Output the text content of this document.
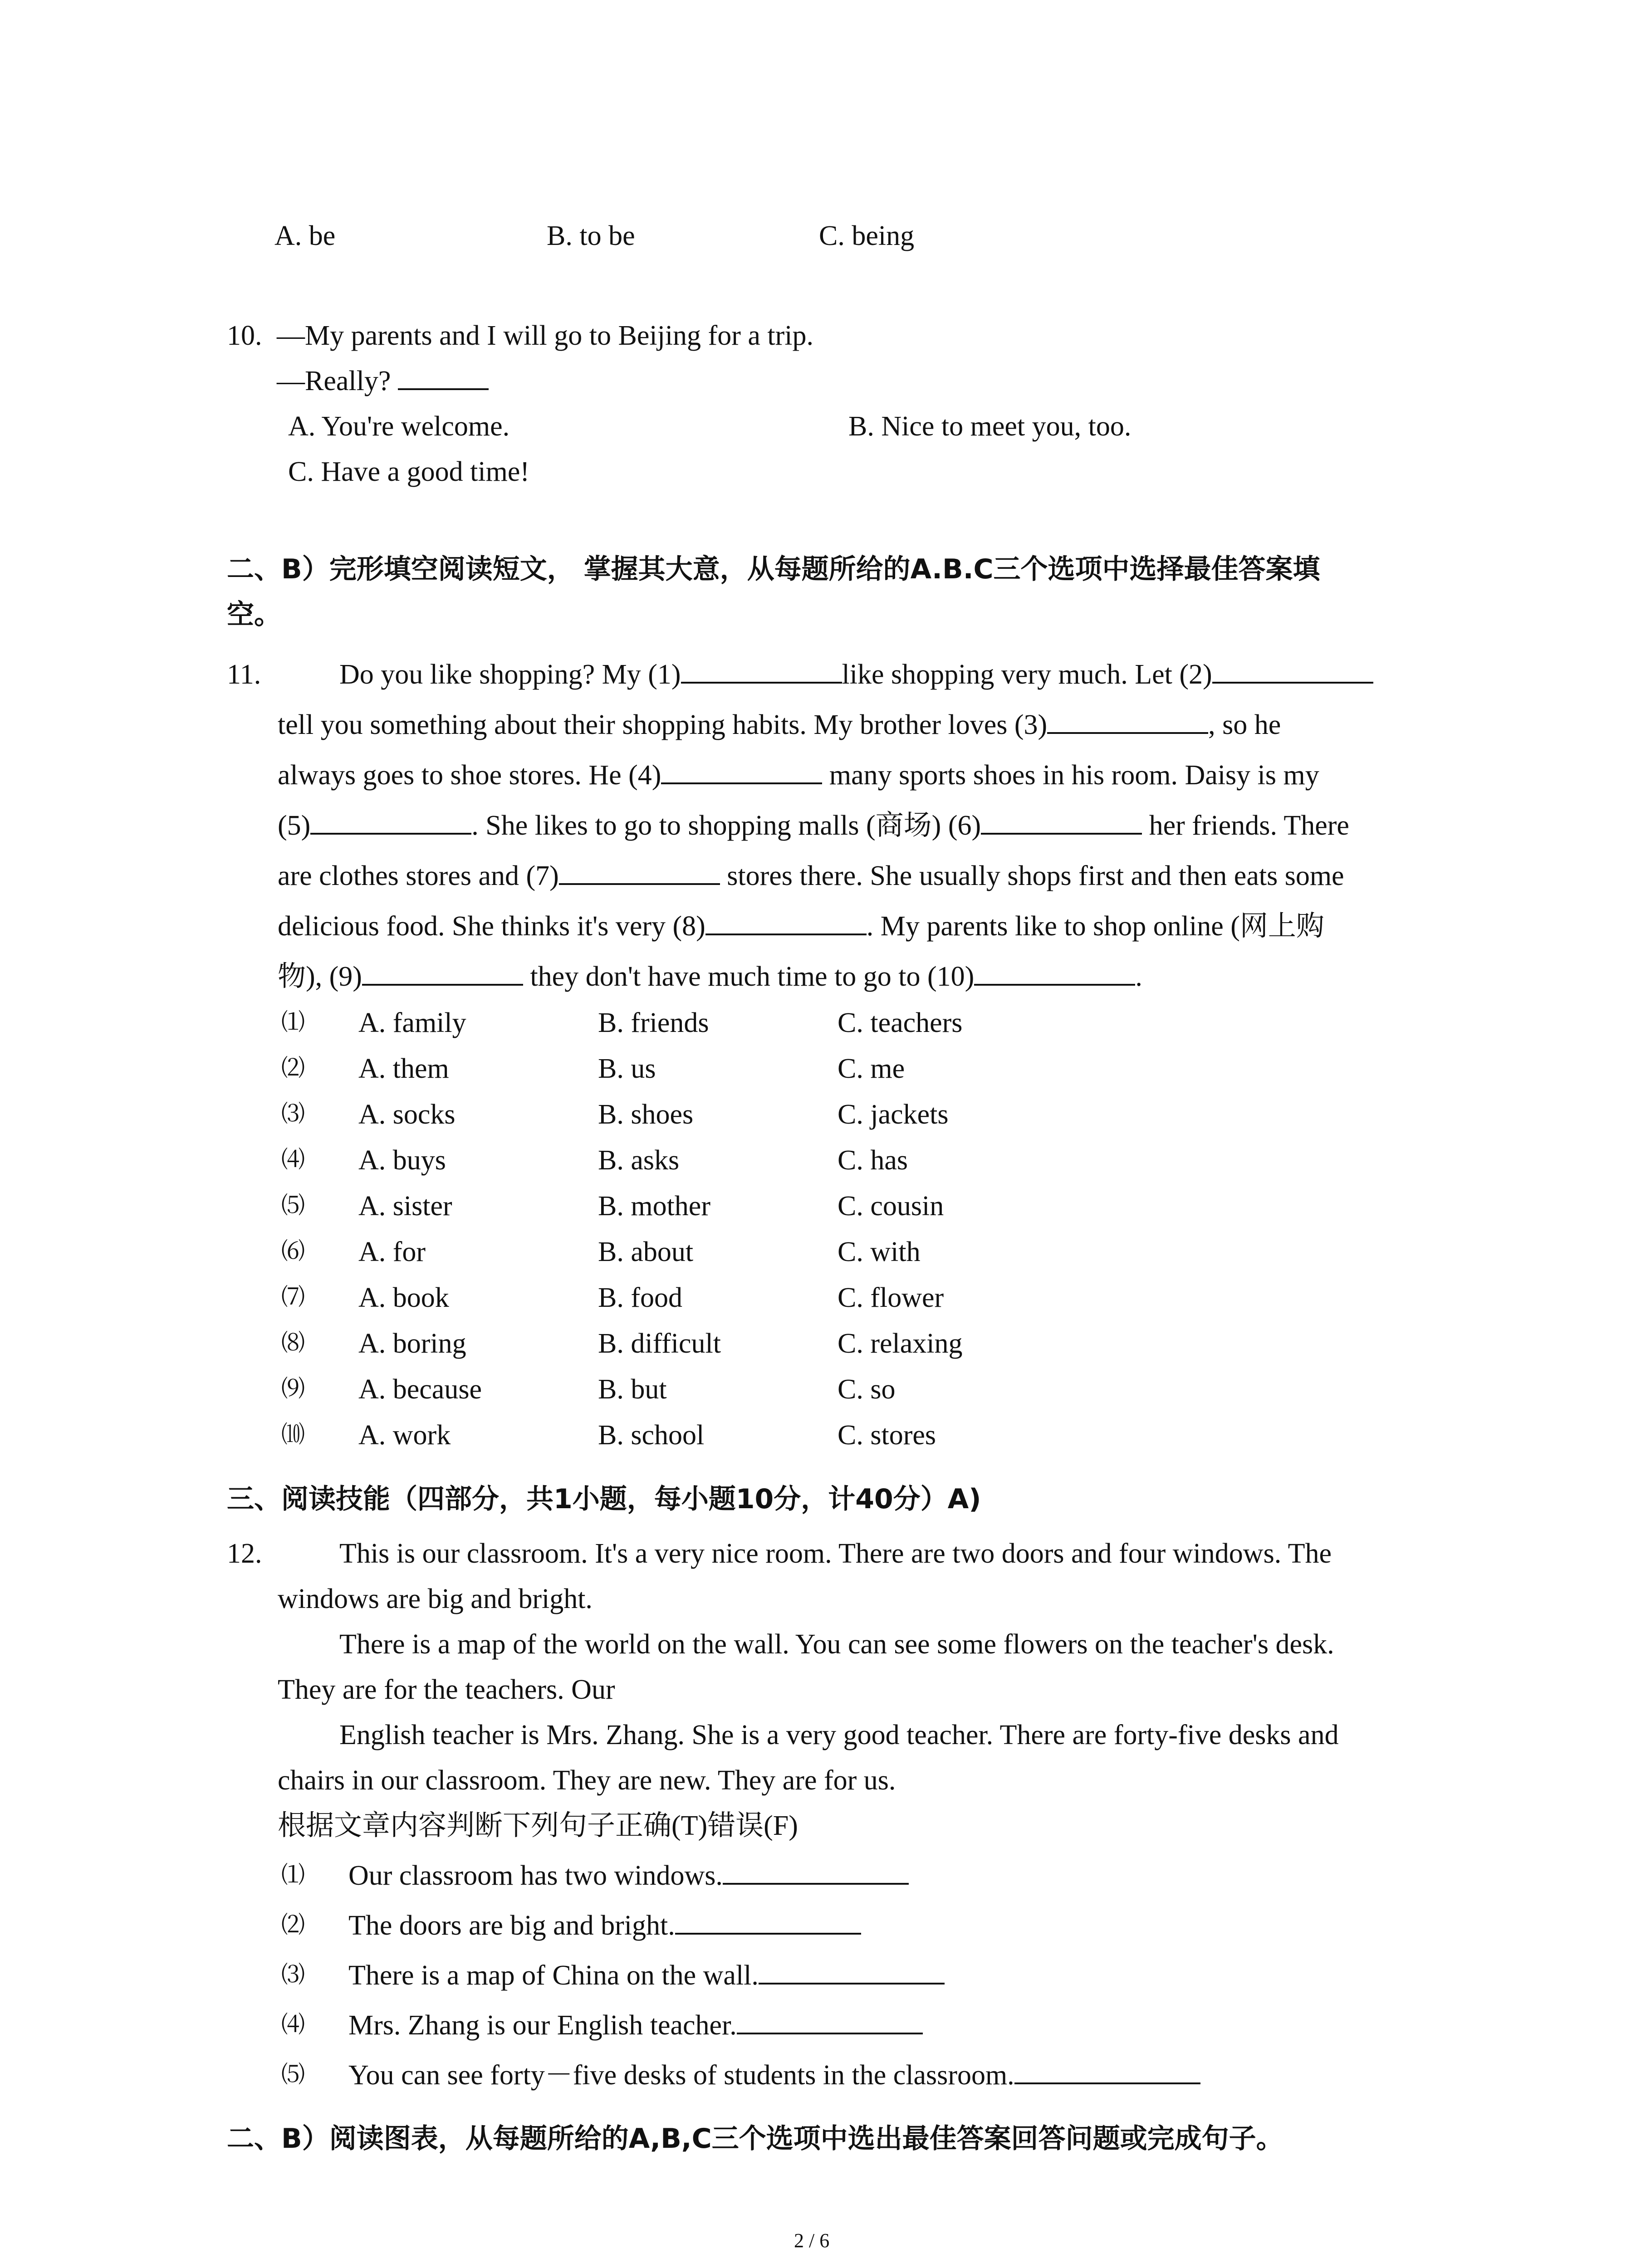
A. be	B. to be	C. being
10. —My parents and I will go to Beijing for a trip.
—Really?
A. You're welcome.	B. Nice to meet you, too.
C. Have a good time!
二、B）完形填空阅读短文， 掌握其大意，从每题所给的A.B.C三个选项中选择最佳答案填
空。
11.	Do you like shopping? My (1)	like shopping very much. Let (2)
tell you something about their shopping habits. My brother loves (3)	, so he
always goes to shoe stores. He (4)	many sports shoes in his room. Daisy is my
(5)	. She likes to go to shopping malls (商场) (6)	her friends. There
are clothes stores and (7)	stores there. She usually shops first and then eats some
delicious food. She thinks it's very (8)	. My parents like to shop online (网上购
物), (9)	they don't have much time to go to (10)	.
⑴ A. family	B. friends	C. teachers
⑵ A. them	B. us	C. me
⑶ A. socks	B. shoes	C. jackets
⑷ A. buys	B. asks	C. has
⑸ A. sister	B. mother	C. cousin
⑹ A. for	B. about	C. with
⑺ A. book	B. food	C. flower
⑻ A. boring	B. difficult	C. relaxing
⑼ A. because	B. but	C. so
⑽ A. work	B. school	C. stores
三、阅读技能（四部分，共1小题，每小题10分，计40分）A)
12.	This is our classroom. It's a very nice room. There are two doors and four windows. The
windows are big and bright.
There is a map of the world on the wall. You can see some flowers on the teacher's desk.
They are for the teachers. Our
English teacher is Mrs. Zhang. She is a very good teacher. There are forty-five desks and
chairs in our classroom. They are new. They are for us.
根据文章内容判断下列句子正确(T)错误(F)
⑴ Our classroom has two windows.
⑵ The doors are big and bright.
⑶ There is a map of China on the wall.
⑷ Mrs. Zhang is our English teacher.
⑸ You can see forty－five desks of students in the classroom.
二、B）阅读图表，从每题所给的A,B,C三个选项中选出最佳答案回答问题或完成句子。
2 / 6
